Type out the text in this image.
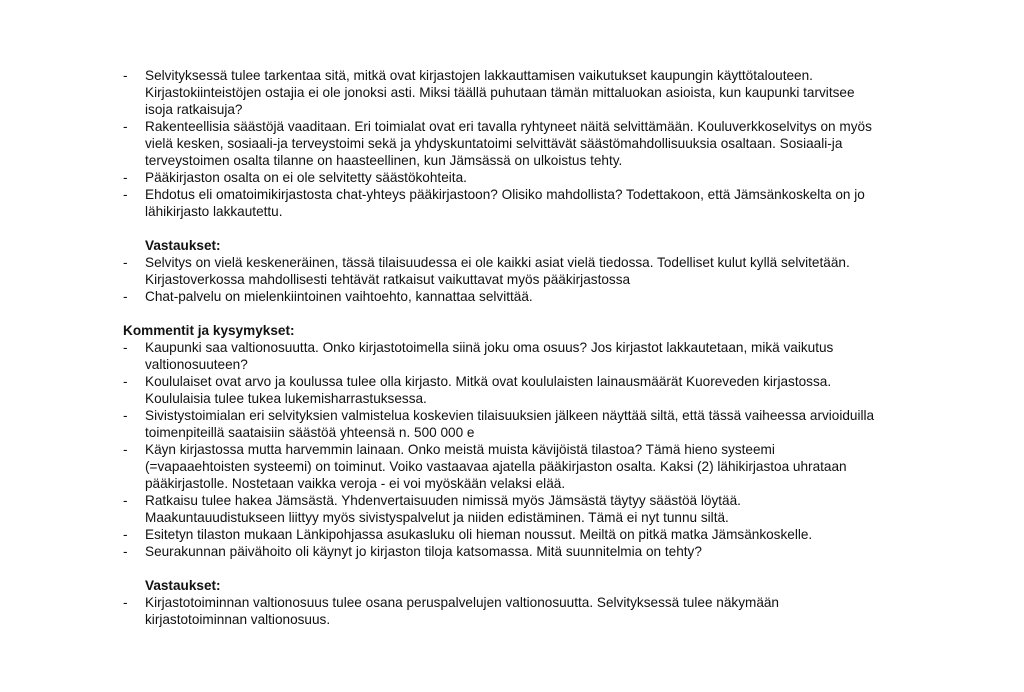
- Selvityksessä tulee tarkentaa sitä, mitkä ovat kirjastojen lakkauttamisen vaikutukset kaupungin käyttötalouteen.
Kirjastokiinteistöjen ostajia ei ole jonoksi asti. Miksi täällä puhutaan tämän mittaluokan asioista, kun kaupunki tarvitsee
isoja ratkaisuja?
- Rakenteellisia säästöjä vaaditaan. Eri toimialat ovat eri tavalla ryhtyneet näitä selvittämään. Kouluverkkoselvitys on myös
vielä kesken, sosiaali-ja terveystoimi sekä ja yhdyskuntatoimi selvittävät säästömahdollisuuksia osaltaan. Sosiaali-ja
terveystoimen osalta tilanne on haasteellinen, kun Jämsässä on ulkoistus tehty.
- Pääkirjaston osalta on ei ole selvitetty säästökohteita.
- Ehdotus eli omatoimikirjastosta chat-yhteys pääkirjastoon? Olisiko mahdollista? Todettakoon, että Jämsänkoskelta on jo
lähikirjasto lakkautettu.
Vastaukset:
- Selvitys on vielä keskeneräinen, tässä tilaisuudessa ei ole kaikki asiat vielä tiedossa. Todelliset kulut kyllä selvitetään.
Kirjastoverkossa mahdollisesti tehtävät ratkaisut vaikuttavat myös pääkirjastossa
- Chat-palvelu on mielenkiintoinen vaihtoehto, kannattaa selvittää.
Kommentit ja kysymykset:
- Kaupunki saa valtionosuutta. Onko kirjastotoimella siinä joku oma osuus? Jos kirjastot lakkautetaan, mikä vaikutus
valtionosuuteen?
- Koululaiset ovat arvo ja koulussa tulee olla kirjasto. Mitkä ovat koululaisten lainausmäärät Kuoreveden kirjastossa.
Koululaisia tulee tukea lukemisharrastuksessa.
- Sivistystoimialan eri selvityksien valmistelua koskevien tilaisuuksien jälkeen näyttää siltä, että tässä vaiheessa arvioiduilla
toimenpiteillä saataisiin säästöä yhteensä n. 500 000 e
- Käyn kirjastossa mutta harvemmin lainaan. Onko meistä muista kävijöistä tilastoa? Tämä hieno systeemi
(=vapaaehtoisten systeemi) on toiminut. Voiko vastaavaa ajatella pääkirjaston osalta. Kaksi (2) lähikirjastoa uhrataan
pääkirjastolle. Nostetaan vaikka veroja - ei voi myöskään velaksi elää.
- Ratkaisu tulee hakea Jämsästä. Yhdenvertaisuuden nimissä myös Jämsästä täytyy säästöä löytää.
Maakuntauudistukseen liittyy myös sivistyspalvelut ja niiden edistäminen. Tämä ei nyt tunnu siltä.
- Esitetyn tilaston mukaan Länkipohjassa asukasluku oli hieman noussut. Meiltä on pitkä matka Jämsänkoskelle.
- Seurakunnan päivähoito oli käynyt jo kirjaston tiloja katsomassa. Mitä suunnitelmia on tehty?
Vastaukset:
- Kirjastotoiminnan valtionosuus tulee osana peruspalvelujen valtionosuutta. Selvityksessä tulee näkymään
kirjastotoiminnan valtionosuus.
